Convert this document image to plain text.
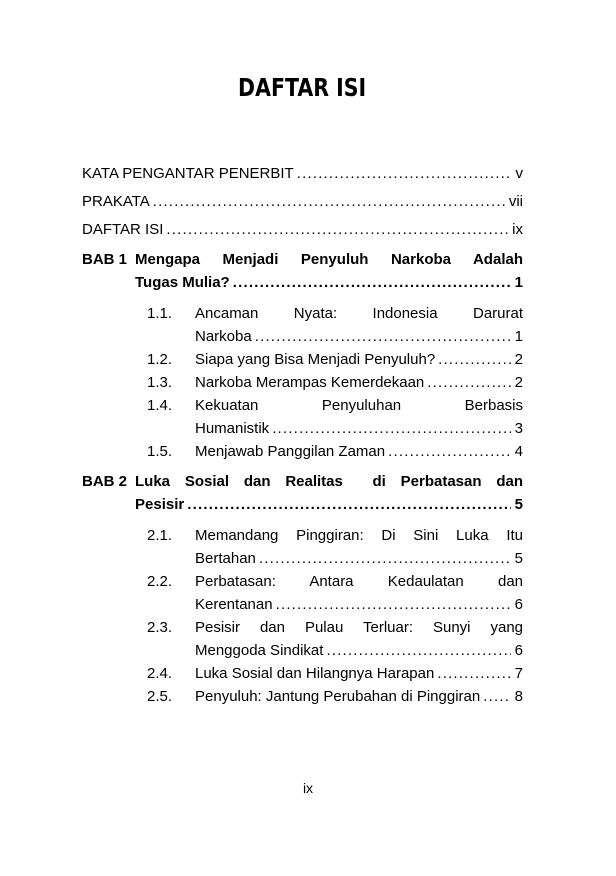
DAFTAR ISI
KATA PENGANTAR PENERBIT .....	v
PRAKATA .....	vii
DAFTAR ISI .....	ix
BAB 1 Mengapa Menjadi Penyuluh Narkoba Adalah
Tugas Mulia? .....	1
1.1. Ancaman Nyata: Indonesia Darurat
Narkoba .....	1
1.2. Siapa yang Bisa Menjadi Penyuluh? .....	2
1.3. Narkoba Merampas Kemerdekaan .....	2
1.4. Kekuatan Penyuluhan Berbasis
Humanistik .....	3
1.5. Menjawab Panggilan Zaman .....	4
BAB 2 Luka Sosial dan Realitas  di Perbatasan dan
Pesisir .....	5
2.1. Memandang Pinggiran: Di Sini Luka Itu
Bertahan .....	5
2.2. Perbatasan: Antara Kedaulatan dan
Kerentanan .....	6
2.3. Pesisir dan Pulau Terluar: Sunyi yang
Menggoda Sindikat .....	6
2.4. Luka Sosial dan Hilangnya Harapan .....	7
2.5. Penyuluh: Jantung Perubahan di Pinggiran ..... 8
ix
